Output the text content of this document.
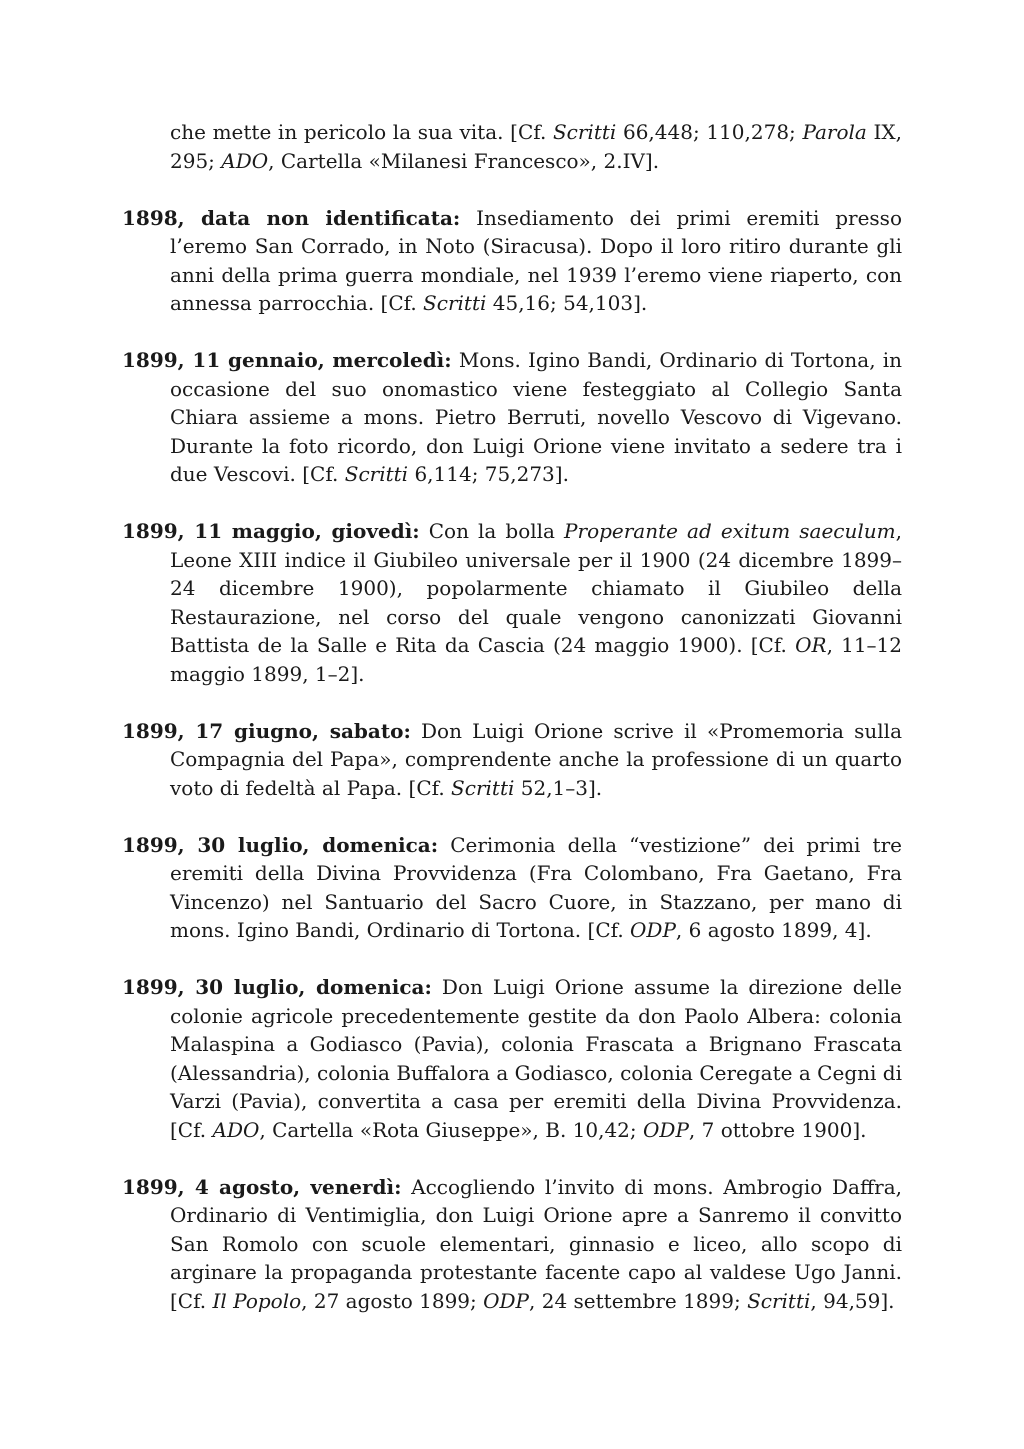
che mette in pericolo la sua vita. [Cf. Scritti 66,448; 110,278; Parola IX, 295; ADO, Cartella «Milanesi Francesco», 2.IV].

1898, data non identificata: Insediamento dei primi eremiti presso l’eremo San Corrado, in Noto (Siracusa). Dopo il loro ritiro durante gli anni della prima guerra mondiale, nel 1939 l’eremo viene riaperto, con annessa parrocchia. [Cf. Scritti 45,16; 54,103].

1899, 11 gennaio, mercoledì: Mons. Igino Bandi, Ordinario di Tortona, in occasione del suo onomastico viene festeggiato al Collegio Santa Chiara assieme a mons. Pietro Berruti, novello Vescovo di Vigevano. Durante la foto ricordo, don Luigi Orione viene invitato a sedere tra i due Vescovi. [Cf. Scritti 6,114; 75,273].

1899, 11 maggio, giovedì: Con la bolla Properante ad exitum saeculum, Leone XIII indice il Giubileo universale per il 1900 (24 dicembre 1899–24 dicembre 1900), popolarmente chiamato il Giubileo della Restaurazione, nel corso del quale vengono canonizzati Giovanni Battista de la Salle e Rita da Cascia (24 maggio 1900). [Cf. OR, 11–12 maggio 1899, 1–2].

1899, 17 giugno, sabato: Don Luigi Orione scrive il «Promemoria sulla Compagnia del Papa», comprendente anche la professione di un quarto voto di fedeltà al Papa. [Cf. Scritti 52,1–3].

1899, 30 luglio, domenica: Cerimonia della “vestizione” dei primi tre eremiti della Divina Provvidenza (Fra Colombano, Fra Gaetano, Fra Vincenzo) nel Santuario del Sacro Cuore, in Stazzano, per mano di mons. Igino Bandi, Ordinario di Tortona. [Cf. ODP, 6 agosto 1899, 4].

1899, 30 luglio, domenica: Don Luigi Orione assume la direzione delle colonie agricole precedentemente gestite da don Paolo Albera: colonia Malaspina a Godiasco (Pavia), colonia Frascata a Brignano Frascata (Alessandria), colonia Buffalora a Godiasco, colonia Ceregate a Cegni di Varzi (Pavia), convertita a casa per eremiti della Divina Provvidenza. [Cf. ADO, Cartella «Rota Giuseppe», B. 10,42; ODP, 7 ottobre 1900].

1899, 4 agosto, venerdì: Accogliendo l’invito di mons. Ambrogio Daffra, Ordinario di Ventimiglia, don Luigi Orione apre a Sanremo il convitto San Romolo con scuole elementari, ginnasio e liceo, allo scopo di arginare la propaganda protestante facente capo al valdese Ugo Janni. [Cf. Il Popolo, 27 agosto 1899; ODP, 24 settembre 1899; Scritti, 94,59].
